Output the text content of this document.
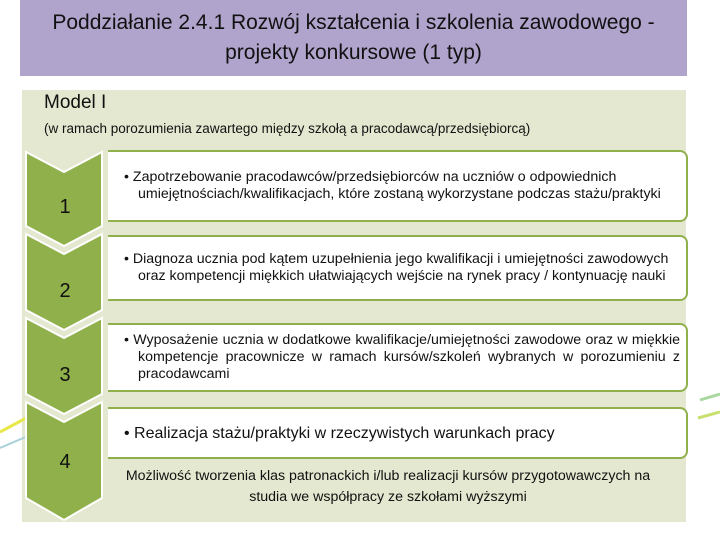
Poddziałanie 2.4.1 Rozwój kształcenia i szkolenia zawodowego - projekty konkursowe (1 typ)

Model I
(w ramach porozumienia zawartego między szkołą a pracodawcą/przedsiębiorcą)
1
2
3
4
• Zapotrzebowanie pracodawców/przedsiębiorców na uczniów o odpowiednich umiejętnościach/kwalifikacjach, które zostaną wykorzystane podczas stażu/praktyki
• Diagnoza ucznia pod kątem uzupełnienia jego kwalifikacji i umiejętności zawodowych oraz kompetencji miękkich ułatwiających wejście na rynek pracy / kontynuację nauki
• Wyposażenie ucznia w dodatkowe kwalifikacje/umiejętności zawodowe oraz w miękkie kompetencje pracownicze w ramach kursów/szkoleń wybranych w porozumieniu z pracodawcami
• Realizacja stażu/praktyki w rzeczywistych warunkach pracy
Możliwość tworzenia klas patronackich i/lub realizacji kursów przygotowawczych na studia we współpracy ze szkołami wyższymi
